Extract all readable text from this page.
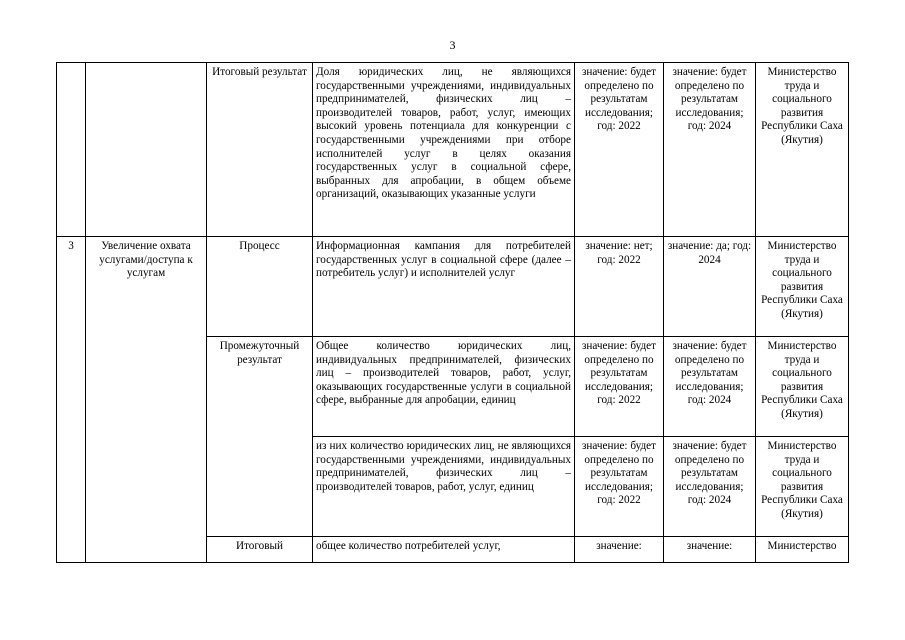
3
		Итоговый результат	Доля юридических лиц, не являющихся государственными учреждениями, индивидуальных предпринимателей, физических лиц – производителей товаров, работ, услуг, имеющих высокий уровень потенциала для конкуренции с государственными учреждениями при отборе исполнителей услуг в целях оказания государственных услуг в социальной сфере, выбранных для апробации, в общем объеме организаций, оказывающих указанные услуги	значение: будет определено по результатам исследования; год: 2022	значение: будет определено по результатам исследования; год: 2024	Министерство труда и социального развития Республики Саха (Якутия)
3	Увеличение охвата услугами/доступа к услугам	Процесс	Информационная кампания для потребителей государственных услуг в социальной сфере (далее –потребитель услуг) и исполнителей услуг	значение: нет; год: 2022	значение: да; год: 2024	Министерство труда и социального развития Республики Саха (Якутия)
		Промежуточный результат	Общее количество юридических лиц, индивидуальных предпринимателей, физических лиц – производителей товаров, работ, услуг, оказывающих государственные услуги в социальной сфере, выбранные для апробации, единиц	значение: будет определено по результатам исследования; год: 2022	значение: будет определено по результатам исследования; год: 2024	Министерство труда и социального развития Республики Саха (Якутия)
			из них количество юридических лиц, не являющихся государственными учреждениями, индивидуальных предпринимателей, физических лиц – производителей товаров, работ, услуг, единиц	значение: будет определено по результатам исследования; год: 2022	значение: будет определено по результатам исследования; год: 2024	Министерство труда и социального развития Республики Саха (Якутия)
		Итоговый	общее количество потребителей услуг,	значение:	значение:	Министерство
